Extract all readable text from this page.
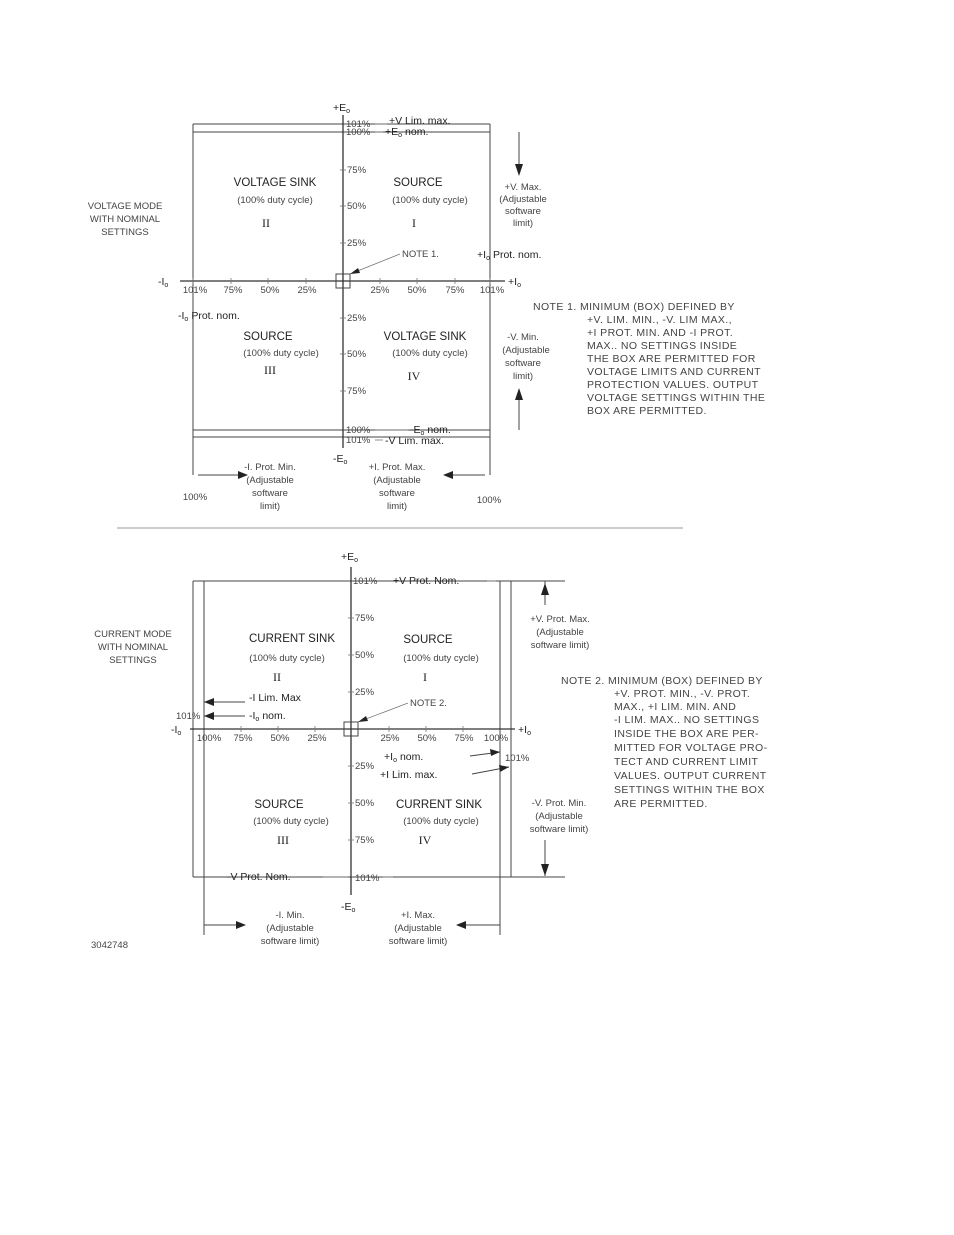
VOLTAGE MODE
WITH NOMINAL
SETTINGS
+Eo
-Eo
-Io	+Io
101% +V Lim. max.
100% +Eo nom.
100%	-Eo nom.
101% -V Lim. max.
75%
50%
25%
25%
50%
75%
101% 75% 50% 25%	25% 50% 75% 101%
NOTE 1.
VOLTAGE SINK
(100% duty cycle)
II
SOURCE
(100% duty cycle)
I
SOURCE
(100% duty cycle)
III
VOLTAGE SINK
(100% duty cycle)
IV
+Io Prot. nom.
-Io Prot. nom.
+V. Max.
(Adjustable
software
limit)
-V. Min.
(Adjustable
software
limit)
-I. Prot. Min.
(Adjustable
software
limit)
+I. Prot. Max.
(Adjustable
software
limit)
100%	100%
NOTE 1. MINIMUM (BOX) DEFINED BY
+V. LIM. MIN., -V. LIM MAX.,
+I PROT. MIN. AND -I PROT.
MAX.. NO SETTINGS INSIDE
THE BOX ARE PERMITTED FOR
VOLTAGE LIMITS AND CURRENT
PROTECTION VALUES. OUTPUT
VOLTAGE SETTINGS WITHIN THE
BOX ARE PERMITTED.
CURRENT MODE
WITH NOMINAL
SETTINGS
+Eo
-Eo
-Io	+Io
101% +V Prot. Nom.
101%
-V Prot. Nom.
75%
50%
25%
25%
50%
75%
100% 75% 50% 25%	25% 50% 75% 100%
NOTE 2.
CURRENT SINK
(100% duty cycle)
II
SOURCE
(100% duty cycle)
I
SOURCE
(100% duty cycle)
III
CURRENT SINK
(100% duty cycle)
IV
-I Lim. Max
101%	-Io nom.
+Io nom.
+I Lim. max.
101%
+V. Prot. Max.
(Adjustable
software limit)
-V. Prot. Min.
(Adjustable
software limit)
-I. Min.
(Adjustable
software limit)
+I. Max.
(Adjustable
software limit)
NOTE 2. MINIMUM (BOX) DEFINED BY
+V. PROT. MIN., -V. PROT.
MAX., +I LIM. MIN. AND
-I LIM. MAX.. NO SETTINGS
INSIDE THE BOX ARE PER-
MITTED FOR VOLTAGE PRO-
TECT AND CURRENT LIMIT
VALUES. OUTPUT CURRENT
SETTINGS WITHIN THE BOX
ARE PERMITTED.
3042748
